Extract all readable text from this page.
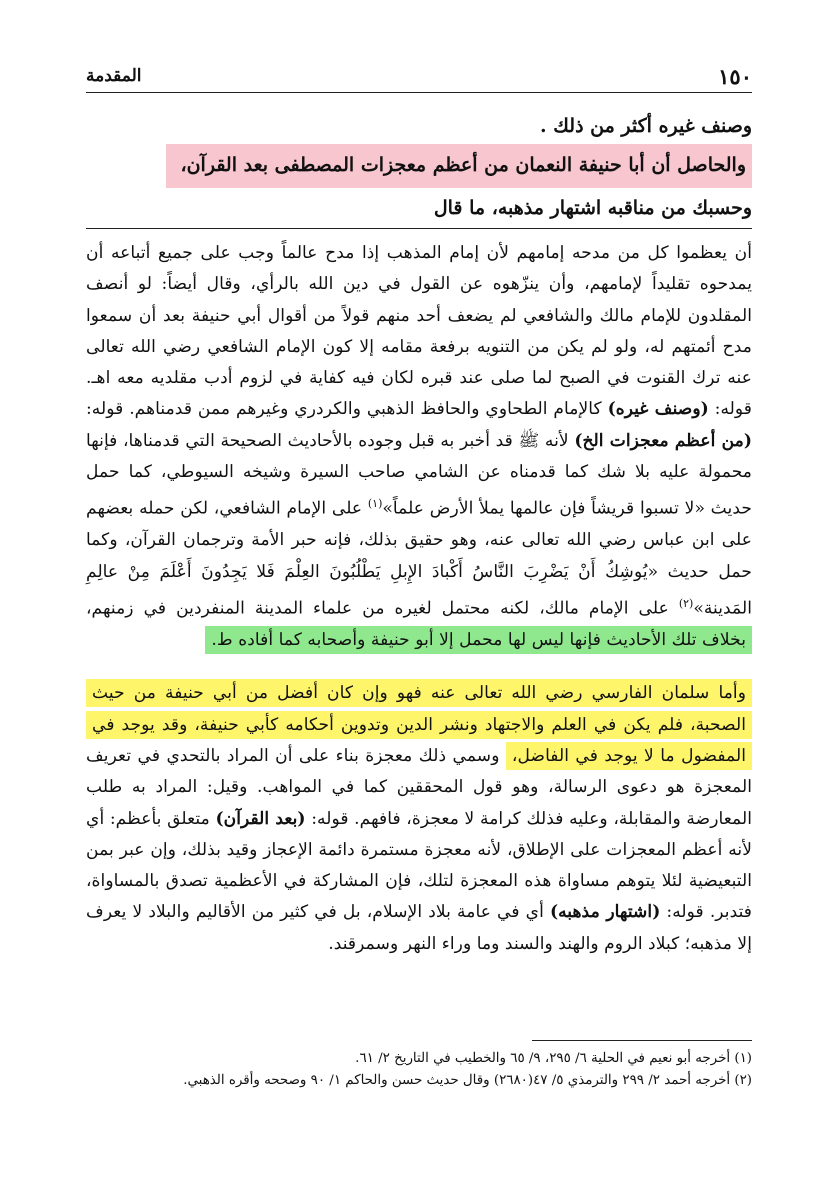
١٥٠
المقدمة
وصنف غيره أكثر من ذلك .
والحاصل أن أبا حنيفة النعمان من أعظم معجزات المصطفى بعد القرآن،
وحسبك من مناقبه اشتهار مذهبه، ما قال

أن يعظموا كل من مدحه إمامهم لأن إمام المذهب إذا مدح عالماً وجب على جميع أتباعه أن يمدحوه تقليداً لإمامهم، وأن ينزّهوه عن القول في دين الله بالرأي، وقال أيضاً: لو أنصف المقلدون للإمام مالك والشافعي لم يضعف أحد منهم قولاً من أقوال أبي حنيفة بعد أن سمعوا مدح أئمتهم له، ولو لم يكن من التنويه برفعة مقامه إلا كون الإمام الشافعي رضي الله تعالى عنه ترك القنوت في الصبح لما صلى عند قبره لكان فيه كفاية في لزوم أدب مقلديه معه اهـ. قوله: (وصنف غيره) كالإمام الطحاوي والحافظ الذهبي والكردري وغيرهم ممن قدمناهم. قوله: (من أعظم معجزات الخ) لأنه ﷺ قد أخبر به قبل وجوده بالأحاديث الصحيحة التي قدمناها، فإنها محمولة عليه بلا شك كما قدمناه عن الشامي صاحب السيرة وشيخه السيوطي، كما حمل حديث «لا تسبوا قريشاً فإن عالمها يملأ الأرض علماً»$^{(١)}$ على الإمام الشافعي، لكن حمله بعضهم على ابن عباس رضي الله تعالى عنه، وهو حقيق بذلك، فإنه حبر الأمة وترجمان القرآن، وكما حمل حديث «يُوشِكُ أَنْ يَضْرِبَ النَّاسُ أَكْبادَ الإِبلِ يَطْلُبُونَ العِلْمَ فَلا يَجِدُونَ أَعْلَمَ مِنْ عالِمِ المَدينة»$^{(٢)}$ على الإمام مالك، لكنه محتمل لغيره من علماء المدينة المنفردين في زمنهم، بخلاف تلك الأحاديث فإنها ليس لها محمل إلا أبو حنيفة وأصحابه كما أفاده ط.

وأما سلمان الفارسي رضي الله تعالى عنه فهو وإن كان أفضل من أبي حنيفة من حيث الصحبة، فلم يكن في العلم والاجتهاد ونشر الدين وتدوين أحكامه كأبي حنيفة، وقد يوجد في المفضول ما لا يوجد في الفاضل، وسمي ذلك معجزة بناء على أن المراد بالتحدي في تعريف المعجزة هو دعوى الرسالة، وهو قول المحققين كما في المواهب. وقيل: المراد به طلب المعارضة والمقابلة، وعليه فذلك كرامة لا معجزة، فافهم. قوله: (بعد القرآن) متعلق بأعظم: أي لأنه أعظم المعجزات على الإطلاق، لأنه معجزة مستمرة دائمة الإعجاز وقيد بذلك، وإن عبر بمن التبعيضية لئلا يتوهم مساواة هذه المعجزة لتلك، فإن المشاركة في الأعظمية تصدق بالمساواة، فتدبر. قوله: (اشتهار مذهبه) أي في عامة بلاد الإسلام، بل في كثير من الأقاليم والبلاد لا يعرف إلا مذهبه؛ كبلاد الروم والهند والسند وما وراء النهر وسمرقند.

(١) أخرجه أبو نعيم في الحلية ٦/ ٢٩٥، ٩/ ٦٥ والخطيب في التاريخ ٢/ ٦١.
(٢) أخرجه أحمد ٢/ ٢٩٩ والترمذي ٥/ ٤٧(٢٦٨٠) وقال حديث حسن والحاكم ١/ ٩٠ وصححه وأقره الذهبي.
